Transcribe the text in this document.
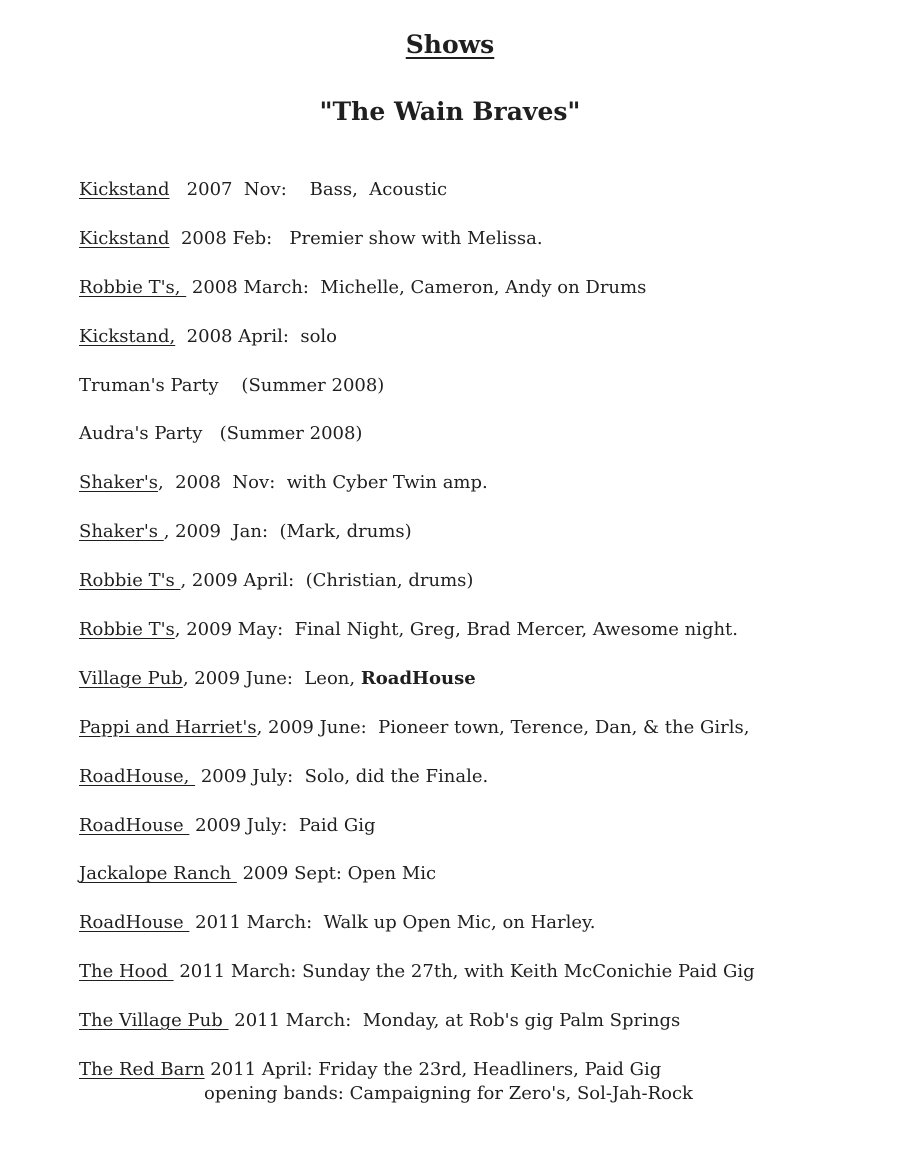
Shows
"The Wain Braves"
Kickstand   2007  Nov:    Bass,  Acoustic
Kickstand  2008 Feb:   Premier show with Melissa.
Robbie T's,  2008 March:  Michelle, Cameron, Andy on Drums
Kickstand,  2008 April:  solo
Truman's Party    (Summer 2008)
Audra's Party   (Summer 2008)
Shaker's,  2008  Nov:  with Cyber Twin amp.
Shaker's , 2009  Jan:  (Mark, drums)
Robbie T's , 2009 April:  (Christian, drums)
Robbie T's, 2009 May:  Final Night, Greg, Brad Mercer, Awesome night.
Village Pub, 2009 June:  Leon, RoadHouse
Pappi and Harriet's, 2009 June:  Pioneer town, Terence, Dan, & the Girls,
RoadHouse,  2009 July:  Solo, did the Finale.
RoadHouse  2009 July:  Paid Gig
Jackalope Ranch  2009 Sept: Open Mic
RoadHouse  2011 March:  Walk up Open Mic, on Harley.
The Hood  2011 March: Sunday the 27th, with Keith McConichie Paid Gig
The Village Pub  2011 March:  Monday, at Rob's gig Palm Springs
The Red Barn 2011 April: Friday the 23rd, Headliners, Paid Gig
opening bands: Campaigning for Zero's, Sol-Jah-Rock
